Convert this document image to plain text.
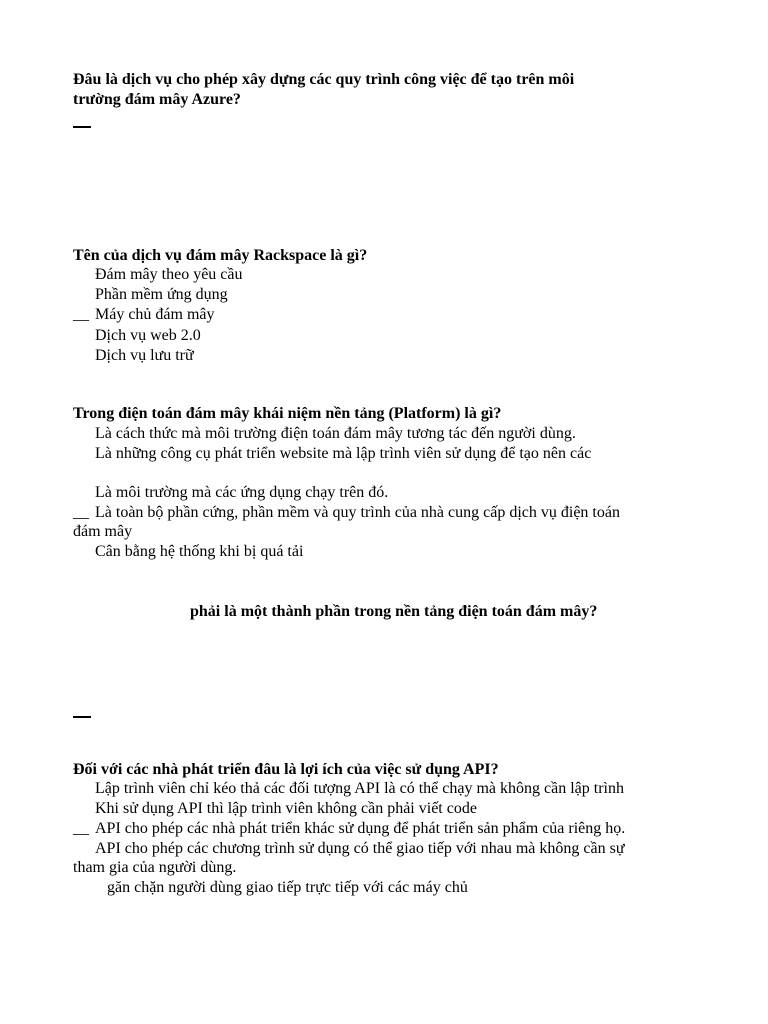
Đâu là dịch vụ cho phép xây dựng các quy trình công việc để tạo trên môi
trường đám mây Azure?
Tên của dịch vụ đám mây Rackspace là gì?
Đám mây theo yêu cầu
Phần mềm ứng dụng
__ Máy chủ đám mây
Dịch vụ web 2.0
Dịch vụ lưu trữ
Trong điện toán đám mây khái niệm nền tảng (Platform) là gì?
Là cách thức mà môi trường điện toán đám mây tương tác đến người dùng.
Là những công cụ phát triển website mà lập trình viên sử dụng để tạo nên các
Là môi trường mà các ứng dụng chạy trên đó.
__ Là toàn bộ phần cứng, phần mềm và quy trình của nhà cung cấp dịch vụ điện toán
đám mây
Cân bằng hệ thống khi bị quá tải
phải là một thành phần trong nền tảng điện toán đám mây?
Đối với các nhà phát triển đâu là lợi ích của việc sử dụng API?
Lập trình viên chỉ kéo thả các đối tượng API là có thể chạy mà không cần lập trình
Khi sử dụng API thì lập trình viên không cần phải viết code
__ API cho phép các nhà phát triển khác sử dụng để phát triển sản phẩm của riêng họ.
API cho phép các chương trình sử dụng có thể giao tiếp với nhau mà không cần sự
tham gia của người dùng.
găn chặn người dùng giao tiếp trực tiếp với các máy chủ
